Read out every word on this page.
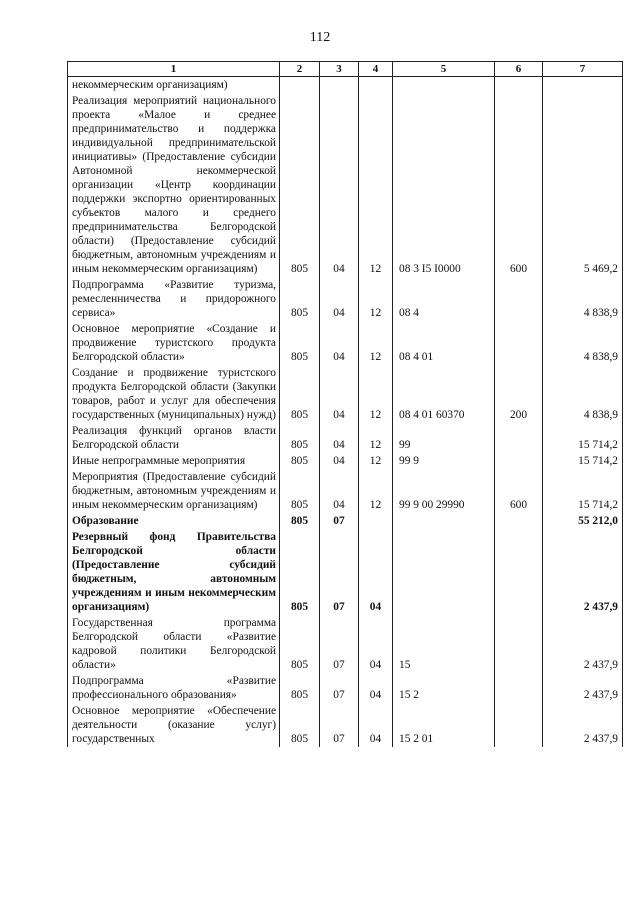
112
1	2	3	4	5	6	7
некоммерческим организациям)						
Реализация мероприятий национального проекта «Малое и среднее предпринимательство и поддержка индивидуальной предпринимательской инициативы» (Предоставление субсидии Автономной некоммерческой организации «Центр координации поддержки экспортно ориентированных субъектов малого и среднего предпринимательства Белгородской области) (Предоставление субсидий бюджетным, автономным учреждениям и иным некоммерческим организациям)	805	04	12	08 3 I5 I0000	600	5 469,2
Подпрограмма «Развитие туризма, ремесленничества и придорожного сервиса»	805	04	12	08 4		4 838,9
Основное мероприятие «Создание и продвижение туристского продукта Белгородской области»	805	04	12	08 4 01		4 838,9
Создание и продвижение туристского продукта Белгородской области (Закупки товаров, работ и услуг для обеспечения государственных (муниципальных) нужд)	805	04	12	08 4 01 60370	200	4 838,9
Реализация функций органов власти Белгородской области	805	04	12	99		15 714,2
Иные непрограммные мероприятия	805	04	12	99 9		15 714,2
Мероприятия (Предоставление субсидий бюджетным, автономным учреждениям и иным некоммерческим организациям)	805	04	12	99 9 00 29990	600	15 714,2
Образование	805	07				55 212,0
Резервный фонд Правительства Белгородской области (Предоставление субсидий бюджетным, автономным учреждениям и иным некоммерческим организациям)	805	07	04			2 437,9
Государственная программа Белгородской области «Развитие кадровой политики Белгородской области»	805	07	04	15		2 437,9
Подпрограмма «Развитие профессионального образования»	805	07	04	15 2		2 437,9
Основное мероприятие «Обеспечение деятельности (оказание услуг) государственных	805	07	04	15 2 01		2 437,9
